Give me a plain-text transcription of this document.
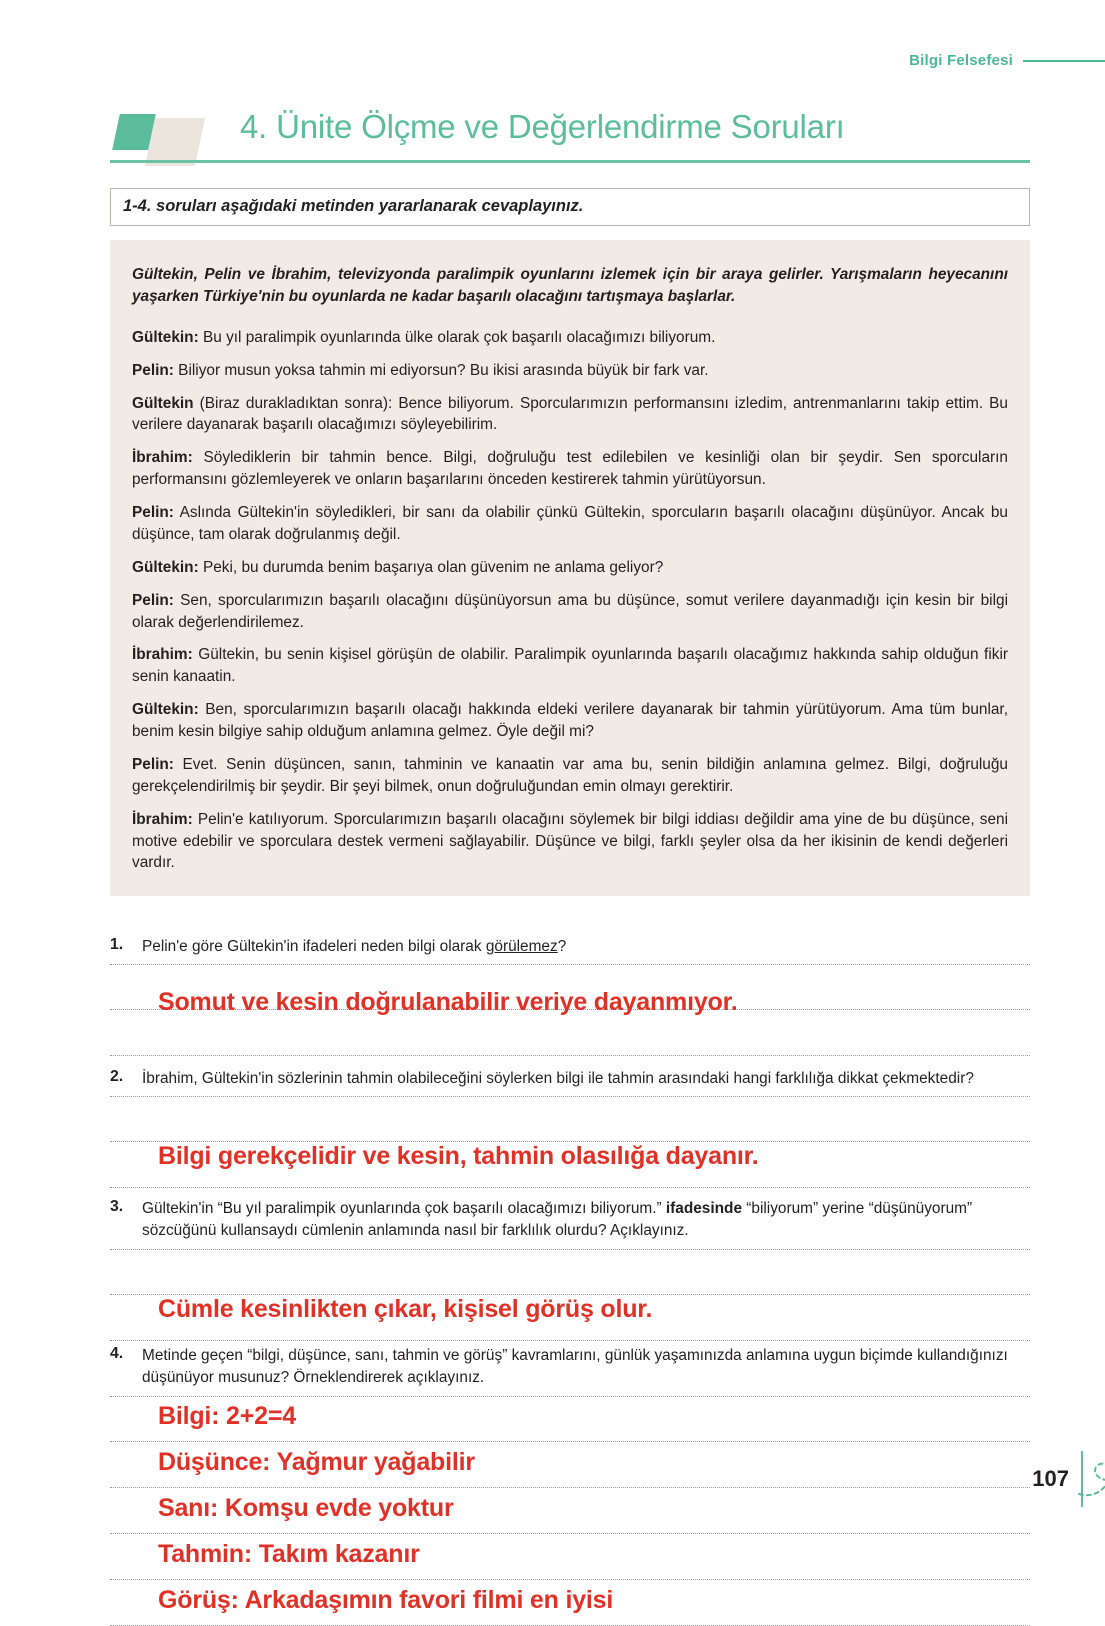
Bilgi Felsefesi
4. Ünite Ölçme ve Değerlendirme Soruları
1-4. soruları aşağıdaki metinden yararlanarak cevaplayınız.

Gültekin, Pelin ve İbrahim, televizyonda paralimpik oyunlarını izlemek için bir araya gelirler. Yarışmaların heyecanını yaşarken Türkiye'nin bu oyunlarda ne kadar başarılı olacağını tartışmaya başlarlar.

Gültekin: Bu yıl paralimpik oyunlarında ülke olarak çok başarılı olacağımızı biliyorum.

Pelin: Biliyor musun yoksa tahmin mi ediyorsun? Bu ikisi arasında büyük bir fark var.

Gültekin (Biraz durakladıktan sonra): Bence biliyorum. Sporcularımızın performansını izledim, antrenmanlarını takip ettim. Bu verilere dayanarak başarılı olacağımızı söyleyebilirim.

İbrahim: Söylediklerin bir tahmin bence. Bilgi, doğruluğu test edilebilen ve kesinliği olan bir şeydir. Sen sporcuların performansını gözlemleyerek ve onların başarılarını önceden kestirerek tahmin yürütüyorsun.

Pelin: Aslında Gültekin'in söyledikleri, bir sanı da olabilir çünkü Gültekin, sporcuların başarılı olacağını düşünüyor. Ancak bu düşünce, tam olarak doğrulanmış değil.

Gültekin: Peki, bu durumda benim başarıya olan güvenim ne anlama geliyor?

Pelin: Sen, sporcularımızın başarılı olacağını düşünüyorsun ama bu düşünce, somut verilere dayanmadığı için kesin bir bilgi olarak değerlendirilemez.

İbrahim: Gültekin, bu senin kişisel görüşün de olabilir. Paralimpik oyunlarında başarılı olacağımız hakkında sahip olduğun fikir senin kanaatin.

Gültekin: Ben, sporcularımızın başarılı olacağı hakkında eldeki verilere dayanarak bir tahmin yürütüyorum. Ama tüm bunlar, benim kesin bilgiye sahip olduğum anlamına gelmez. Öyle değil mi?

Pelin: Evet. Senin düşüncen, sanın, tahminin ve kanaatin var ama bu, senin bildiğin anlamına gelmez. Bilgi, doğruluğu gerekçelendirilmiş bir şeydir. Bir şeyi bilmek, onun doğruluğundan emin olmayı gerektirir.

İbrahim: Pelin'e katılıyorum. Sporcularımızın başarılı olacağını söylemek bir bilgi iddiası değildir ama yine de bu düşünce, seni motive edebilir ve sporculara destek vermeni sağlayabilir. Düşünce ve bilgi, farklı şeyler olsa da her ikisinin de kendi değerleri vardır.

1.	Pelin'e göre Gültekin'in ifadeleri neden bilgi olarak görülemez?
Somut ve kesin doğrulanabilir veriye dayanmıyor.
2.	İbrahim, Gültekin'in sözlerinin tahmin olabileceğini söylerken bilgi ile tahmin arasındaki hangi farklılığa dikkat çekmektedir?
Bilgi gerekçelidir ve kesin, tahmin olasılığa dayanır.
3.	Gültekin'in “Bu yıl paralimpik oyunlarında çok başarılı olacağımızı biliyorum.” ifadesinde “biliyorum” yerine “düşünüyorum” sözcüğünü kullansaydı cümlenin anlamında nasıl bir farklılık olurdu? Açıklayınız.
Cümle kesinlikten çıkar, kişisel görüş olur.
4.	Metinde geçen “bilgi, düşünce, sanı, tahmin ve görüş” kavramlarını, günlük yaşamınızda anlamına uygun biçimde kullandığınızı düşünüyor musunuz? Örneklendirerek açıklayınız.
Bilgi: 2+2=4
Düşünce: Yağmur yağabilir
Sanı: Komşu evde yoktur
Tahmin: Takım kazanır
Görüş: Arkadaşımın favori filmi en iyisi
107
